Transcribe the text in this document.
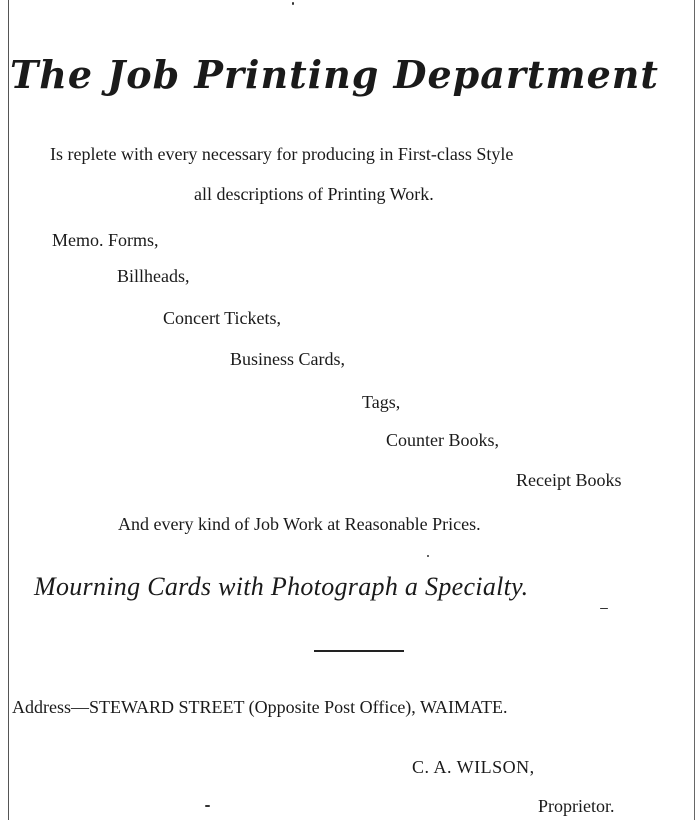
The Job Printing Department
Is replete with every necessary for producing in First-class Style
all descriptions of Printing Work.
Memo. Forms,
Billheads,
Concert Tickets,
Business Cards,
Tags,
Counter Books,
Receipt Books
And every kind of Job Work at Reasonable Prices.
Mourning Cards with Photograph a Specialty.
Address—STEWARD STREET (Opposite Post Office), WAIMATE.
C. A. WILSON,
Proprietor.
